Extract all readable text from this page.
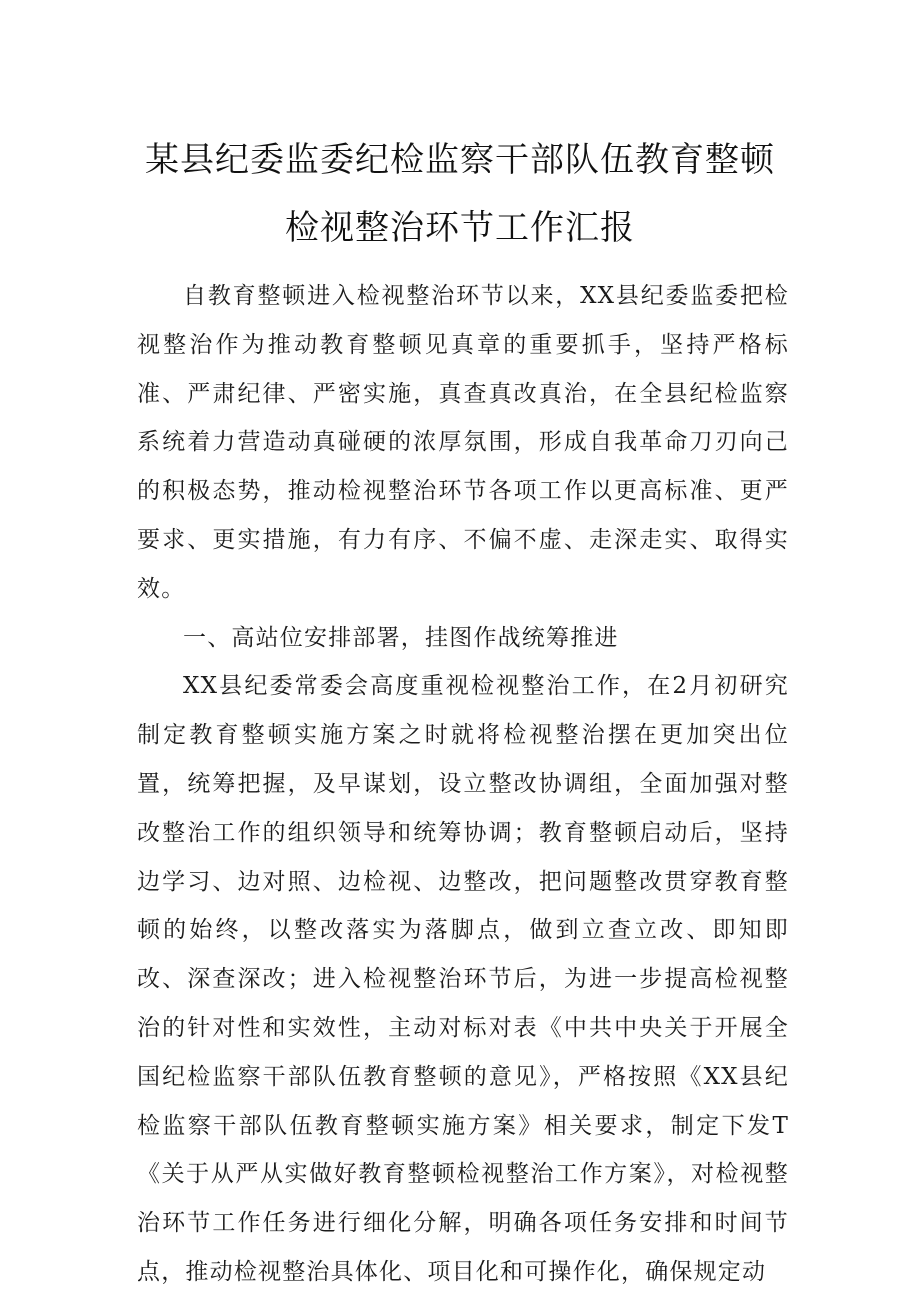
某县纪委监委纪检监察干部队伍教育整顿
检视整治环节工作汇报

自教育整顿进入检视整治环节以来，XX县纪委监委把检视整治作为推动教育整顿见真章的重要抓手，坚持严格标准、严肃纪律、严密实施，真查真改真治，在全县纪检监察系统着力营造动真碰硬的浓厚氛围，形成自我革命刀刃向己的积极态势，推动检视整治环节各项工作以更高标准、更严要求、更实措施，有力有序、不偏不虚、走深走实、取得实效。

一、高站位安排部署，挂图作战统筹推进

XX县纪委常委会高度重视检视整治工作，在2月初研究制定教育整顿实施方案之时就将检视整治摆在更加突出位置，统筹把握，及早谋划，设立整改协调组，全面加强对整改整治工作的组织领导和统筹协调；教育整顿启动后，坚持边学习、边对照、边检视、边整改，把问题整改贯穿教育整顿的始终，以整改落实为落脚点，做到立查立改、即知即改、深查深改；进入检视整治环节后，为进一步提高检视整治的针对性和实效性，主动对标对表《中共中央关于开展全国纪检监察干部队伍教育整顿的意见》，严格按照《XX县纪检监察干部队伍教育整顿实施方案》相关要求，制定下发T《关于从严从实做好教育整顿检视整治工作方案》，对检视整治环节工作任务进行细化分解，明确各项任务安排和时间节点，推动检视整治具体化、项目化和可操作化，确保规定动
